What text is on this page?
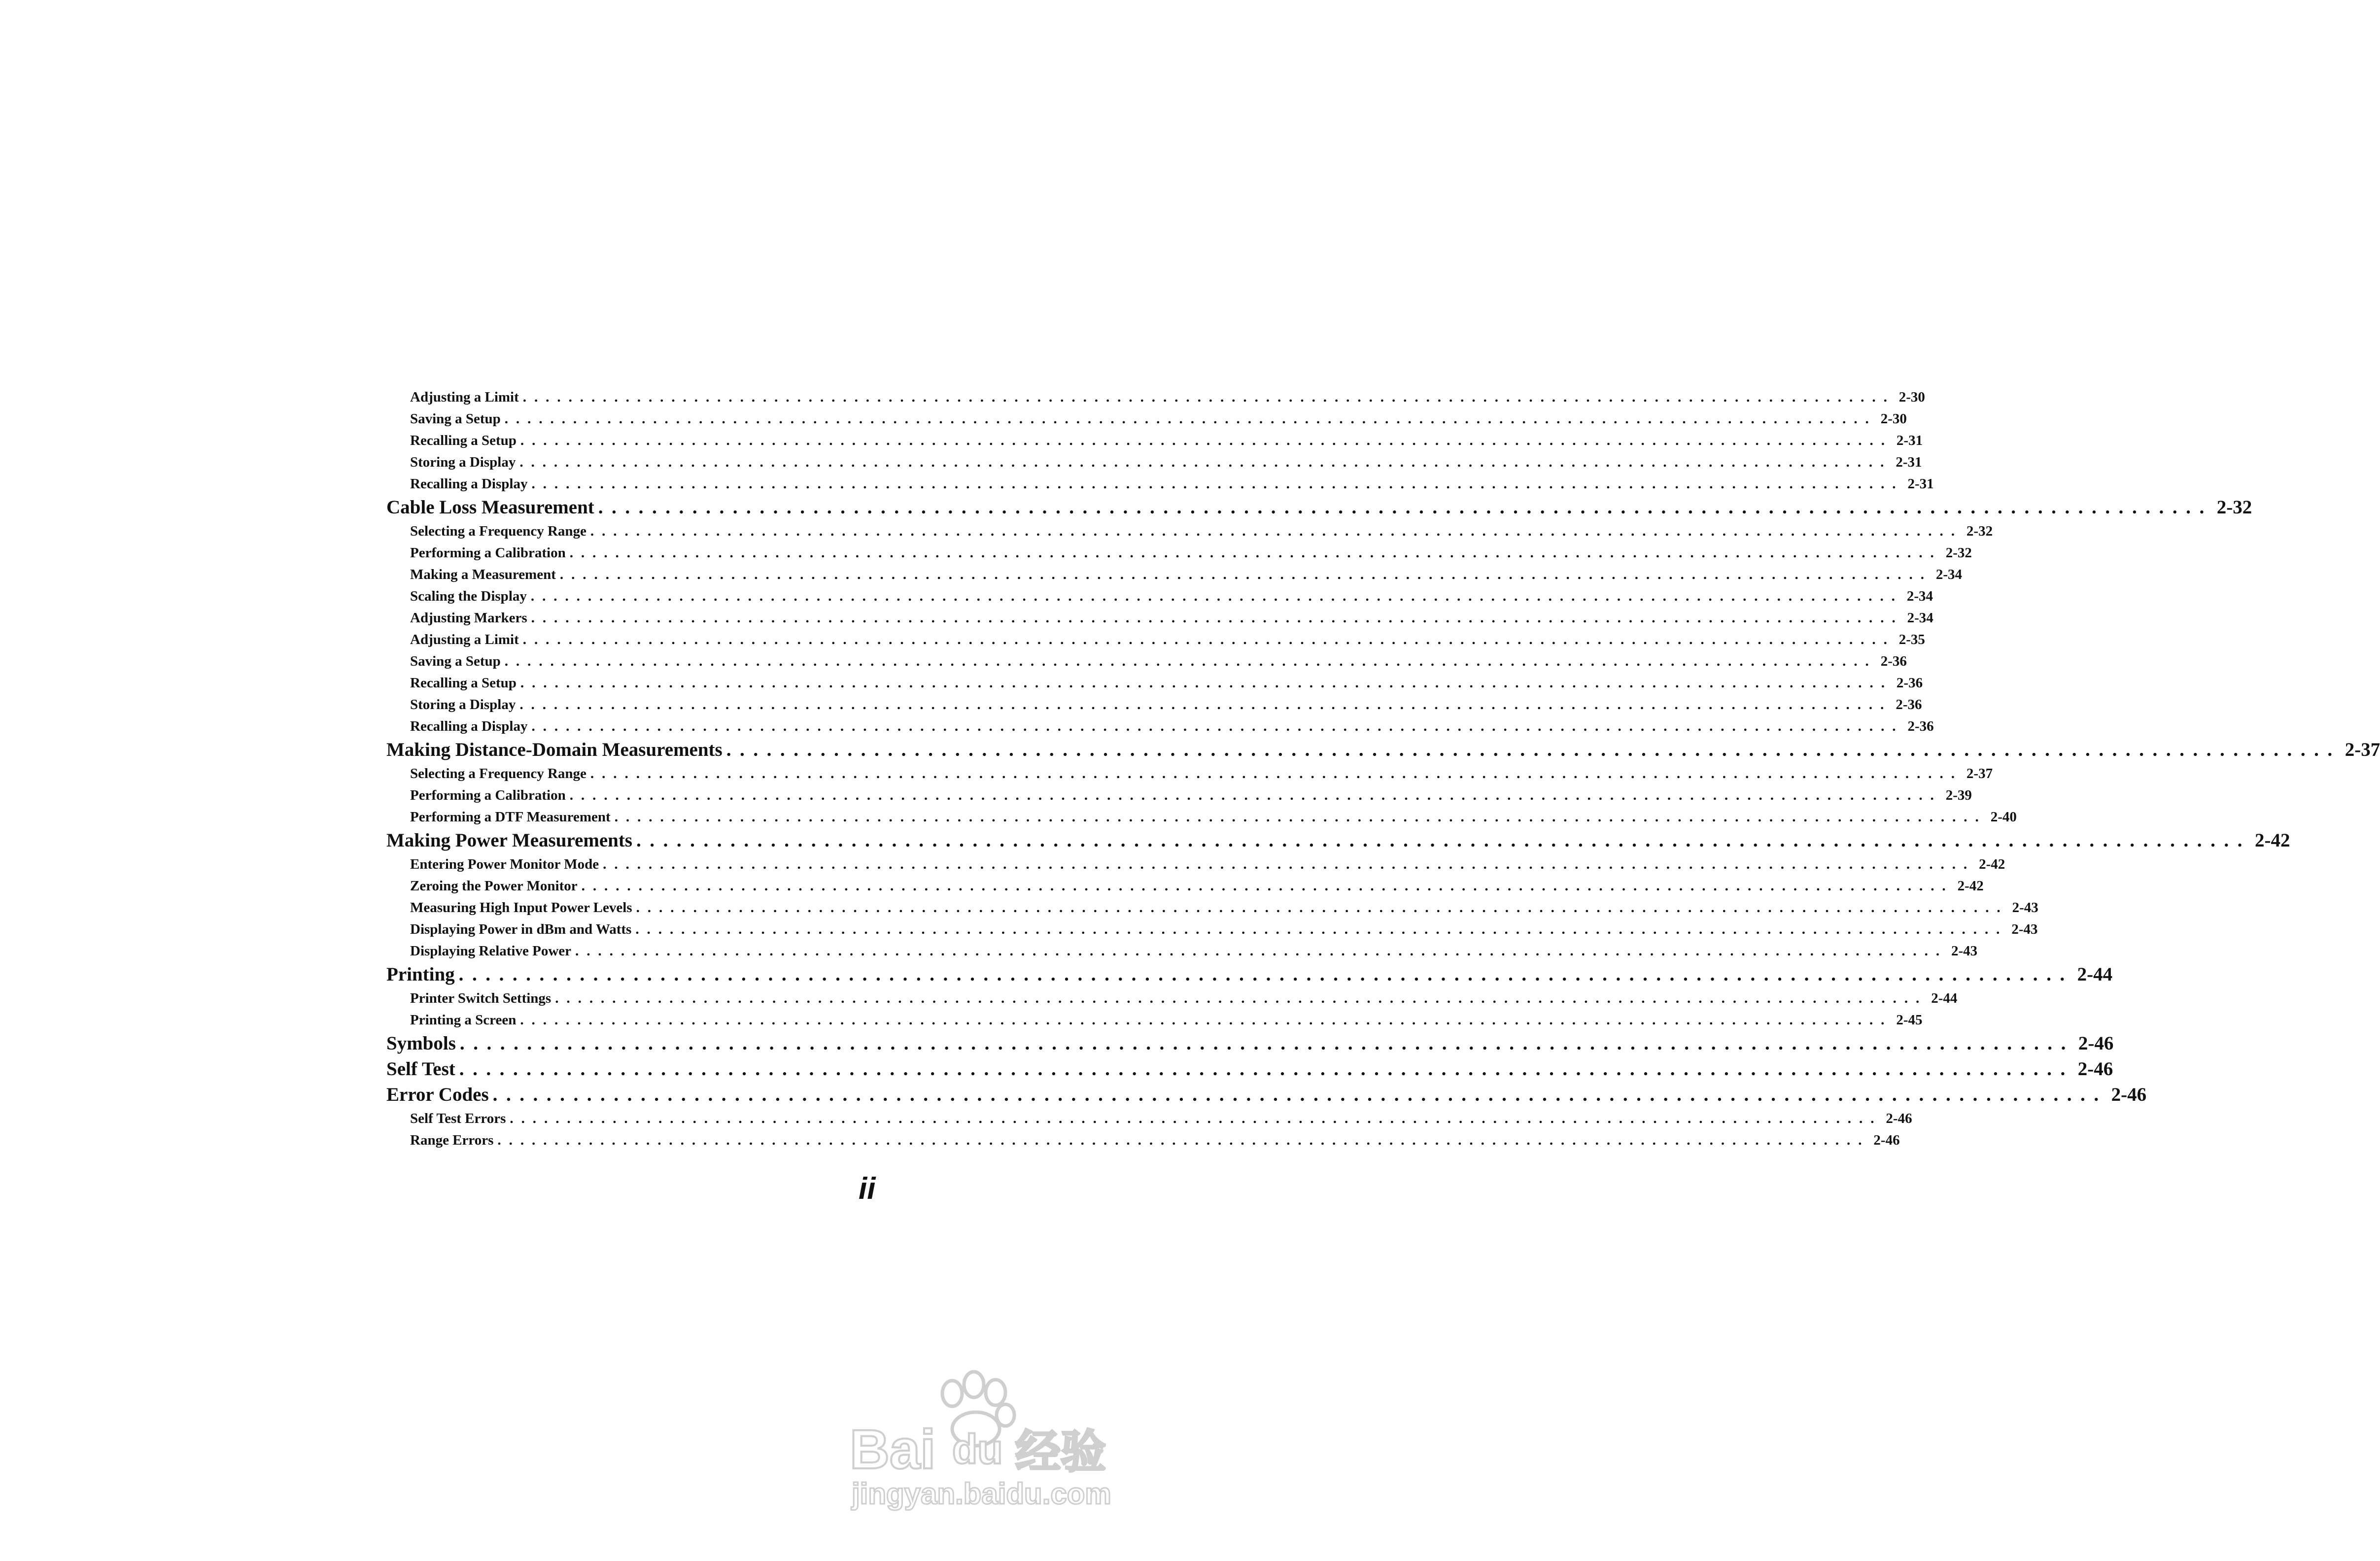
Adjusting a Limit ........................................................................................................................ 2-30
Saving a Setup ........................................................................................................................ 2-30
Recalling a Setup ........................................................................................................................ 2-31
Storing a Display ........................................................................................................................ 2-31
Recalling a Display ........................................................................................................................ 2-31
Cable Loss Measurement ........................................................................................................................ 2-32
Selecting a Frequency Range ........................................................................................................................ 2-32
Performing a Calibration ........................................................................................................................ 2-32
Making a Measurement ........................................................................................................................ 2-34
Scaling the Display ........................................................................................................................ 2-34
Adjusting Markers ........................................................................................................................ 2-34
Adjusting a Limit ........................................................................................................................ 2-35
Saving a Setup ........................................................................................................................ 2-36
Recalling a Setup ........................................................................................................................ 2-36
Storing a Display ........................................................................................................................ 2-36
Recalling a Display ........................................................................................................................ 2-36
Making Distance-Domain Measurements ........................................................................................................................ 2-37
Selecting a Frequency Range ........................................................................................................................ 2-37
Performing a Calibration ........................................................................................................................ 2-39
Performing a DTF Measurement ........................................................................................................................ 2-40
Making Power Measurements ........................................................................................................................ 2-42
Entering Power Monitor Mode ........................................................................................................................ 2-42
Zeroing the Power Monitor ........................................................................................................................ 2-42
Measuring High Input Power Levels ........................................................................................................................ 2-43
Displaying Power in dBm and Watts ........................................................................................................................ 2-43
Displaying Relative Power ........................................................................................................................ 2-43
Printing ........................................................................................................................ 2-44
Printer Switch Settings ........................................................................................................................ 2-44
Printing a Screen ........................................................................................................................ 2-45
Symbols ........................................................................................................................ 2-46
Self Test ........................................................................................................................ 2-46
Error Codes ........................................................................................................................ 2-46
Self Test Errors ........................................................................................................................ 2-46
Range Errors ........................................................................................................................ 2-46
ii
Bai du 经验
jingyan.baidu.com
